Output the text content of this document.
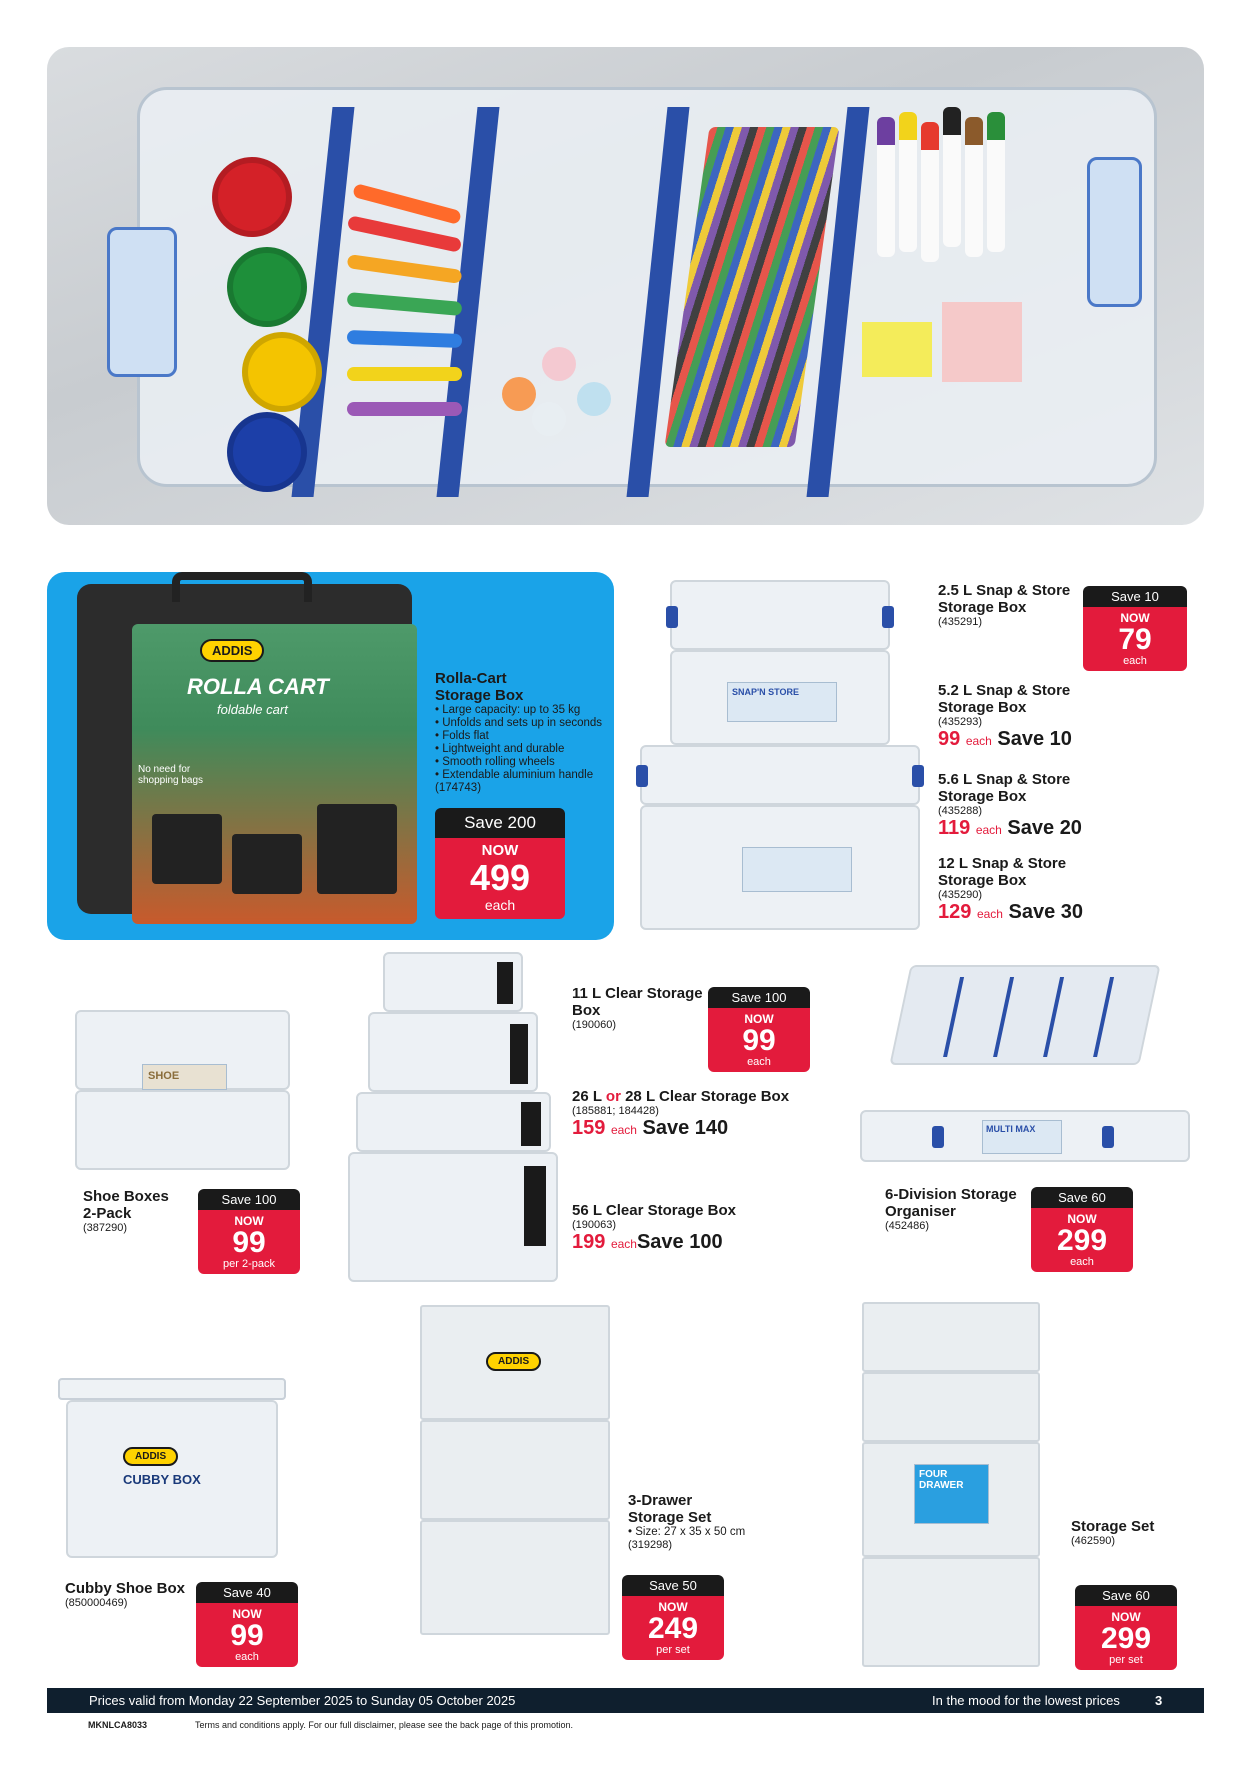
ADDIS
ROLLA CART
foldable cart
No need for shopping bags
Rolla-Cart
Storage Box
• Large capacity: up to 35 kg
• Unfolds and sets up in seconds
• Folds flat
• Lightweight and durable
• Smooth rolling wheels
• Extendable aluminium handle
(174743)
Save 200
NOW
499
each
SNAP'N STORE
2.5 L Snap & Store
Storage Box
(435291)
Save 10
NOW
79
each
5.2 L Snap & Store
Storage Box
(435293)
99 each Save 10
5.6 L Snap & Store
Storage Box
(435288)
119 each Save 20
12 L Snap & Store
Storage Box
(435290)
129 each Save 30
SHOE
Shoe Boxes
2-Pack
(387290)
Save 100
NOW
99
per 2-pack
11 L Clear Storage
Box
(190060)
Save 100
NOW
99
each
26 L or 28 L Clear Storage Box
(185881; 184428)
159 each Save 140
56 L Clear Storage Box
(190063)
199 eachSave 100
MULTI MAX
6-Division Storage
Organiser
(452486)
Save 60
NOW
299
each
ADDIS
CUBBY BOX
Cubby Shoe Box
(850000469)
Save 40
NOW
99
each
ADDIS
3-Drawer
Storage Set
• Size: 27 x 35 x 50 cm
(319298)
Save 50
NOW
249
per set
FOUR DRAWER
Storage Set
(462590)
Save 60
NOW
299
per set
Prices valid from Monday 22 September 2025 to Sunday 05 October 2025	In the mood for the lowest prices	3
MKNLCA8033	Terms and conditions apply. For our full disclaimer, please see the back page of this promotion.
